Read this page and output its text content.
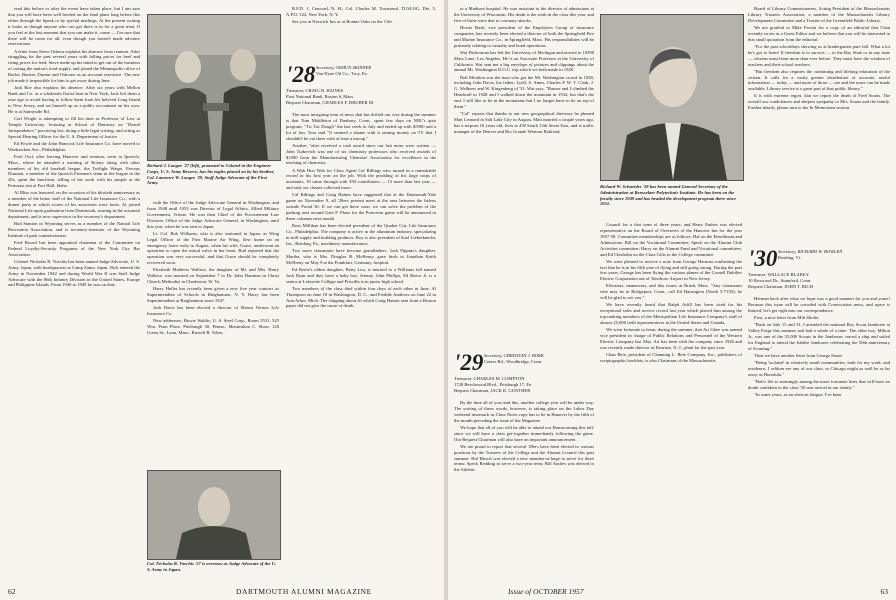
read this before or after the event have taken place, but I am sure that you will have been well briefed on the final plans long before this either through the Speak or by special mailings. At the present writing it looks as though anyone who can get there is in for a great treat. If you feel at the last moment that you can make it, come — I'm sure that there will be room for all, even though you haven't made advance reservations.

A letter from Steve Osborn explains his absence from reunion. After struggling for the past several years with falling prices for beef and rising prices for feed, Steve made up his mind to get out of the business of raising the nation's food supply, and joined the Minneapolis office of Bache, Burton, Durnin and Osborne as an account executive. The new job made it impossible for him to get away during June.

Jack Roe also explains his absence. After six years with Mellon Bank and Co. as a wholesale florist firm in New York, Jack left them a year ago to avoid having to follow them from his beloved Long Island to New Jersey, and set himself up as a public accountant on his own. He is at Sunnyside Rd.

Carl Wright is attempting to fill his time as Professor of Law at Temple University, lecturing at School of Dentistry on "Dental Jurisprudence," practicing law, doing a little legal writing, and acting as Special Hearing Officer for the U. S. Department of Justice.

Ed Fowle and the John Hancock Life Insurance Co. have moved to Weehawken Ave., Philadelphia.

Freil Owl, after leaving Hanover and reunion, went to Ipswich, Mass., where he attended a meeting of Rotary along with other members of his old baseball league, the Twilight Wasps. Ferrous Dunstan, a member of the Ipswich Firemen's team in the league in the 20s, spent the luncheon, telling of his work with his people at the Pertussis test at Fort Hall, Idaho.

Al Bliss was honored, on the occasion of his thirtieth anniversary as a member of the home staff of the National Life Insurance Co., with a dinner party at which scores of his associates were hosts. At joined National Life upon graduation from Dartmouth, starting in the actuarial department, and is now supervisor in the secretary's department.

Bud Stanton in Wyoming serves as a member of the Natural Life Recreation Association, and is secretary-treasurer of the Wyoming Institute of park commissioners.

Fred Bossel has been appointed chairman of the Committee on Federal Loyalty-Security Programs of the New York City Bar Association.

Colonel Nicholas R. Voechis has been named Judge Advocate, U. S. Army, Japan, with headquarters at Camp Zama, Japan. Nick entered the Army in November 1942 and during World War II was Staff Judge Advocate with the 86th Infantry Division in the United States, Europe and Philippine Islands. From 1946 to 1949 he was on duty

Richard J. Lougee '27 (left), promoted to Colonel in the Engineer Corps, U. S. Army Reserve, has his eagles pinned on by his brother, Col. Laurence W. Lougee '29, Staff Judge Advocate of the First Army.

with the Office of the Judge Advocate General in Washington, and from 1948 until 1953 was Director of Legal Affairs, Allied Military Government, Trieste. He was then Chief of the Procurement Law Division, Office of the Judge Advocate General, in Washington, until this year, when he was sent to Japan.

Lt. Col. Bob Williams, who is also stationed in Japan, as Wing Legal Officer of the First Marine Air Wing, flew home on an emergency leave early in August, when his wife, Grace, underwent an operation to open the mitral valve in her heart. Bud reported that the operation was very successful, and that Grace should be completely recovered soon.

Elizabeth Mathews Wallace, the daughter of Mr. and Mrs. Harry Wallace, was married on September 7 to Dr. John Hartman in Christ Church Methodist in Charleston, W. Va.

Harry Hefler has recently been given a new five year contract as Superintendent of Schools in Binghamton, N. Y. Harry has been Superintendent at Binghamton since 1947.

Josh Davis has been elected a director of Mount Vernon Life Insurance Co.

New addresses: Howie Waldis, U. S. Steel Corp., Room 5531, 525 Wm. Penn Place, Pittsburgh 30, Penna.; Maximilian C. Shaw, 126 Green St., Lynn, Mass.; Russell B. Tober,

Col. Nicholas R. Voechis '27 is overseas as Judge Advocate of the U. S. Army in Japan.

R.F.D. 1, Concord, N. H.; Col. Charles M. Townsend, TUSLOG, Det. 5, A.P.O. 524, New York, N. Y.

See you at Norwich Inn or at Bonnie Oaks on the 11th.

'28 Secretary, OSMUN SKINNER
Van Dyne Oil Co., Troy, Pa.
Treasurer, CRAIG B. HAINES
First National Bank, Boston 6, Mass.
Bequest Chairman, CHARLES F. DRUBER III

The most intriguing item of news that has drifted our way during the summer is that Tom Middleton of Danbury, Conn., spent few days on NBC's quiz program, "Tic Tac Dough" the last week in July and ended up with $5900 and a lot of fun. Tom said "It seemed a shame with it raining money on TV that I shouldn't be out there with at least a teacup."

Another "after received a cash award since our last notes were written — John Turkevich was one of six chemistry professors who received awards of $1000 from the Manufacturing Chemists' Association for excellence in the teaching of chemistry.

A Wah Hoo Wah for Class Agent Cal Billings who turned in a remarkable record in his first year on the job. With the prodding of his large corps of assistants, 18 came through with 350 contributors — 13 more than last year — and only six classes collected more.

Cal Billings and Craig Haines have suggested that at the Dartmouth-Yale game on November 9, all '28ers present meet at the area between the halves outside Portal 30. If we can get there soon, we can solve the problem of the parking area around Gate F. Plans for the Princeton game will be announced in these columns next month.

Ross Millikan has been elected president of the Quaker City Life Insurance Co., Philadelphia. The company is active in the aluminum industry, specializing in mill supply and building products. Roy is also president of Karl Lieberknecht, Inc., Reading, Pa., machinery manufacturers.

Two more classmates have become grandfathers. Jack Pippins's daughter, Martha, who is Mrs. Douglas B. McHenry, gave birth to Jonathan Keith McHenry on May 9 at the Frankfurt, Germany, hospital.

Ed Reese's oldest daughter, Betty Lou, is married to a Williams fall named Jack Ryan and they have a baby boy, Jeremy. John Phillips, Ed Reece Jr. is a senior at Lafayette College and Priscilla is in junior high school.

Two members of the class died within four days of each other in June, Al Thompson on June 18 in Washington, D. C., and Freddie Andrews on June 22 in Ann Arbor, Mich. The chipping about Al which Craig Haines sent from a Boston paper did not give the cause of death.

62	DARTMOUTH ALUMNI MAGAZINE

to a Madison hospital. He was assistant to the director of admissions at the University of Wisconsin. His death is the sixth in the class this year, and five of these were due to coronary attacks.

Howie Bush, vice president of the Employers Group of insurance companies, has recently been elected a director of both the Springfield Fire and Marine Insurance Co., in Springfield, Mass. His responsibilities will be primarily relating to casualty and bond operations.

Wat Dickerman has left the University of Michigan and moved to 10390 Mass Lane, Los Angeles. He is an Associate Professor at the University of California. Wat sent me a big envelope of pictures and clippings about the annual Mt. Washington D.O.C. trip which we both made in 1928.

Bob Moulton was the man who got the Mt. Washington crowd in 1928, including John Davis, his father; Lyell, S. Ames, Charles P. W. T. Clark, J. G. Wellness and W. Kingenberg of '31. Wat says, "Rumor and I climbed the Headwall in 1928 and I walked down the mountain in 1934, but that's the end. I still like to be in the mountains but I no longer have to be on top of them."

"Cal" reports that thanks to our new geographical directory he phoned Matt Leonard in Salt Lake City in August. Matt married a couple years ago, has a stepson 16 years old, lives at 450 South 13th Street East, and is traffic manager of the Denver and Rio Grande Western Railroad.

'29 Secretary, CHRISTIAN J. BORK
Center Rd., Woodbridge, Conn.
Treasurer, CHARLES M. COMPTON
1728 Beechwood Blvd., Pittsburgh 17, Pa.
Bequest Chairman, JACK R. GUNTHER

By the time all of you read this, another college year will be under way. The writing of these words, however, is taking place on the Labor Day weekend insomuch as Class Notes copy has to be in Hanover by the fifth of the month preceding the issue of the Magazine.

We hope that all of you will be able to attend our Homecoming this fall, since we will have a class get-together immediately following the game. Our Bequest Chairman will also have an important announcement.

We are proud to report that several '29ers have been elected to various positions by the Trustees of the College and the Alumni Council this past summer. Hal Hirsch was elected a new member-at-large to serve for three terms; Speck Redding to serve a two-year term; Bill Andres was elected to the Athletic

Richard W. Schneider '28 has been named General Secretary of the Administration at Rensselaer Polytechnic Institute. He has been on the faculty since 1949 and has headed the development program there since 1951.

Council for a first term of three years; and Harry Enders was elected representative on the Board of Overseers of the Hanover Inn for the year 1957-58. Committee memberships are as follows: Hal on the Enrollment and Admissions; Bill on the Vocational Committee; Speck on the Alumni Club Activities committee; Harry on the Alumni Fund and Vocational committees; and Ed Chisholm on the Class Gifts to the College committee.

We were pleased to receive a note from George Herman confirming the fact that he is in his fifth year of flying and still going strong. During the past few years, George has been flying the various planes of the Cornell Dubilier Electric Corporation out of Teterboro Airport in New Jersey.

Elevators, maneuvers, and this issues at Brush, Mass. "Any classmates who may be in Bridgeport, Conn., call Ed Harrington (North 5-7150); he will be glad to see you."

We have recently heard that Ralph Atfill has been cited for his exceptional sales and service record last year which placed him among the top-ranking members of the Metropolitan Life Insurance Company's staff of almost 25,000 field representatives in the United States and Canada.

We were fortunate to learn, during the summer, that Art Ghee was named vice president in charge of Public Relations and Personnel of the Western Electric Company last May. Art has been with the company since 1926 and was recently made director of Kearney, N. J., plant for the past year.

Chan Bete, president of Channing L. Bete Company, Inc., publishers of scriptographic booklets, is also Chairman of the Massachusetts

Board of Library Commissioners, Acting President of the Massachusetts Library Trustees Association, a member of the Massachusetts Library Development Committee and a Trustee of the Greenfield Public Library.

We are grateful to Mike Ferrini for a copy of an editorial that Chan recently wrote as a Guest Editor and we believe that you will be interested in this small quotation from the editorial:

"For the past schooldays showing us at kindergarten pure fall. What a lot he's got to learn! If freedom is to survive — to the Bay State or in any state — citizens must learn more than ever before. They must have the wisdom of teachers and their school teachers.

"But freedom also requires the continuing and lifelong education of the citizen. It calls for a vastly greater distribution of accurate, useful information — today — and more of those — are and the more can be made available. Library service is a great part of that public library."

It is with extreme regret, that we report the death of Fred Soons. The overall our condolences and deepest sympathy to Mrs. Soons and the family. Further details, please turn to the In Memoriam section.

'30 Secretary, RICHARD W. BOWLEN
Reading, Vt.
Treasurer, WALLACE BLAKEY
10 Boxwood Dr., Stamford, Conn.
Bequest Chairman, JOHN T. RICH

Herman back after what we hope was a good summer for you and yours! Because this issue will be crowded with Convocation news, and space is limited, let's get right into our correspondence.

First, a nice letter from Milt Sholte:

"Back on July 15 and 31, I attended the national Boy Scout Jamboree at Valley Forge this summer and had a whale of a time. The older boy, Milton Jr., was one of the 55,000 Scouts in the Jamboree, traced a ship and sailed for England to attend the Jubilee Jamboree celebrating the 50th anniversary of Scouting."

Then we have another letter from George Stone:

"Being 'isolated' in relatively small communities, both for my work, and residence, I seldom see any of our class, so Chicago might as well be as far away as Honolulu."

"Bob's life is seemingly among the more fortunate lines that will have no doubt confident to the class '30 sent arrival in our family."

"In some years, as an obvious fatigue, I've been

Issue of OCTOBER 1957	63
